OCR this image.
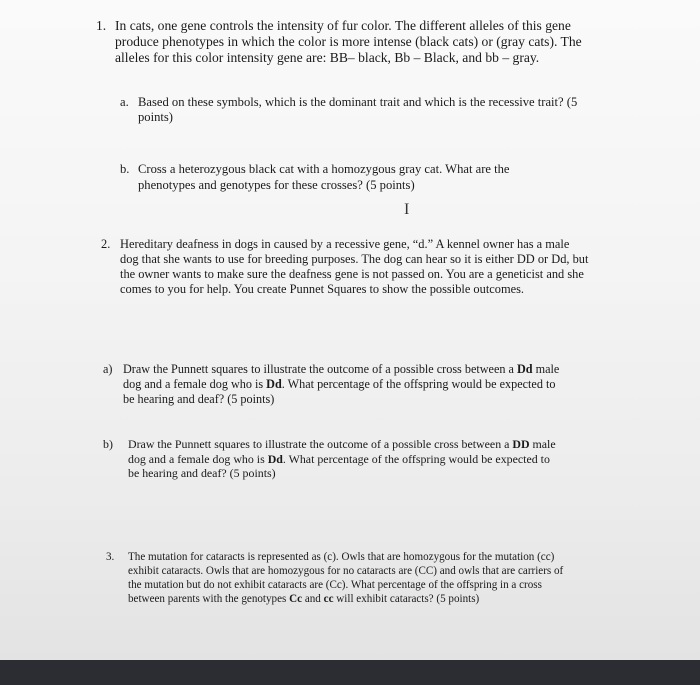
1. In cats, one gene controls the intensity of fur color. The different alleles of this gene produce phenotypes in which the color is more intense (black cats) or (gray cats). The alleles for this color intensity gene are: BB– black, Bb – Black, and bb – gray.
a. Based on these symbols, which is the dominant trait and which is the recessive trait? (5 points)
b. Cross a heterozygous black cat with a homozygous gray cat. What are the phenotypes and genotypes for these crosses? (5 points)
I
2. Hereditary deafness in dogs in caused by a recessive gene, “d.” A kennel owner has a male dog that she wants to use for breeding purposes. The dog can hear so it is either DD or Dd, but the owner wants to make sure the deafness gene is not passed on. You are a geneticist and she comes to you for help. You create Punnet Squares to show the possible outcomes.
a) Draw the Punnett squares to illustrate the outcome of a possible cross between a Dd male dog and a female dog who is Dd. What percentage of the offspring would be expected to be hearing and deaf? (5 points)
b) Draw the Punnett squares to illustrate the outcome of a possible cross between a DD male dog and a female dog who is Dd. What percentage of the offspring would be expected to be hearing and deaf? (5 points)
3. The mutation for cataracts is represented as (c). Owls that are homozygous for the mutation (cc) exhibit cataracts. Owls that are homozygous for no cataracts are (CC) and owls that are carriers of the mutation but do not exhibit cataracts are (Cc). What percentage of the offspring in a cross between parents with the genotypes Cc and cc will exhibit cataracts? (5 points)
